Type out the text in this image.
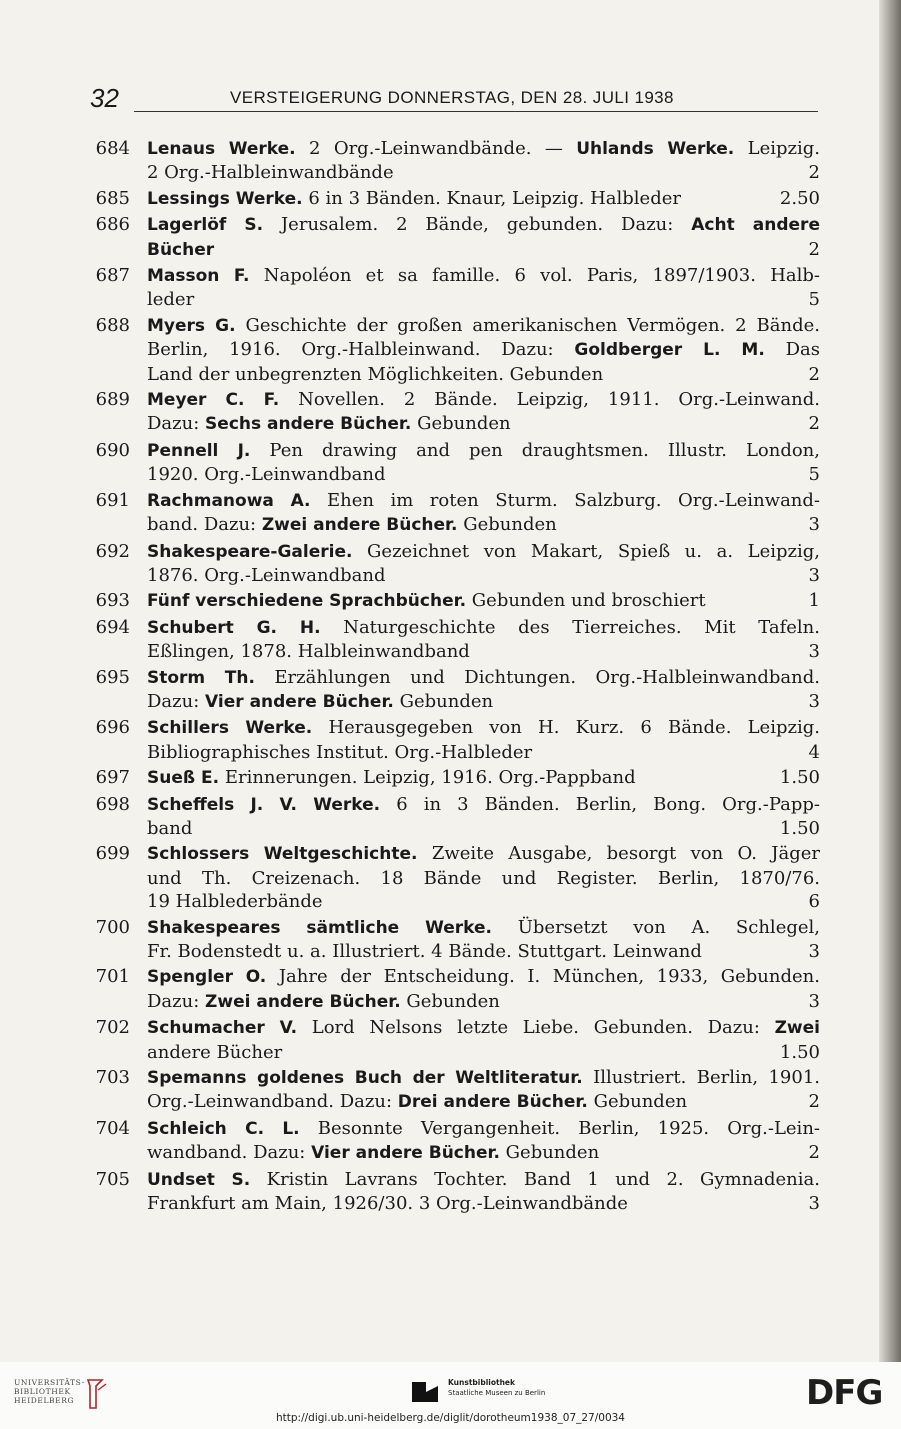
32	VERSTEIGERUNG DONNERSTAG, DEN 28. JULI 1938
684 Lenaus Werke. 2 Org.-Leinwandbände. — Uhlands Werke. Leipzig.
2 Org.-Halbleinwandbände	2
685 Lessings Werke. 6 in 3 Bänden. Knaur, Leipzig. Halbleder	2.50
686 Lagerlöf S. Jerusalem. 2 Bände, gebunden. Dazu: Acht andere
Bücher	2
687 Masson F. Napoléon et sa famille. 6 vol. Paris, 1897/1903. Halb-
leder	5
688 Myers G. Geschichte der großen amerikanischen Vermögen. 2 Bände.
Berlin, 1916. Org.-Halbleinwand. Dazu: Goldberger L. M. Das
Land der unbegrenzten Möglichkeiten. Gebunden	2
689 Meyer C. F. Novellen. 2 Bände. Leipzig, 1911. Org.-Leinwand.
Dazu: Sechs andere Bücher. Gebunden	2
690 Pennell J. Pen drawing and pen draughtsmen. Illustr. London,
1920. Org.-Leinwandband	5
691 Rachmanowa A. Ehen im roten Sturm. Salzburg. Org.-Leinwand-
band. Dazu: Zwei andere Bücher. Gebunden	3
692 Shakespeare-Galerie. Gezeichnet von Makart, Spieß u. a. Leipzig,
1876. Org.-Leinwandband	3
693 Fünf verschiedene Sprachbücher. Gebunden und broschiert	1
694 Schubert G. H. Naturgeschichte des Tierreiches. Mit Tafeln.
Eßlingen, 1878. Halbleinwandband	3
695 Storm Th. Erzählungen und Dichtungen. Org.-Halbleinwandband.
Dazu: Vier andere Bücher. Gebunden	3
696 Schillers Werke. Herausgegeben von H. Kurz. 6 Bände. Leipzig.
Bibliographisches Institut. Org.-Halbleder	4
697 Sueß E. Erinnerungen. Leipzig, 1916. Org.-Pappband	1.50
698 Scheffels J. V. Werke. 6 in 3 Bänden. Berlin, Bong. Org.-Papp-
band	1.50
699 Schlossers Weltgeschichte. Zweite Ausgabe, besorgt von O. Jäger
und Th. Creizenach. 18 Bände und Register. Berlin, 1870/76.
19 Halblederbände	6
700 Shakespeares sämtliche Werke. Übersetzt von A. Schlegel,
Fr. Bodenstedt u. a. Illustriert. 4 Bände. Stuttgart. Leinwand	3
701 Spengler O. Jahre der Entscheidung. I. München, 1933, Gebunden.
Dazu: Zwei andere Bücher. Gebunden	3
702 Schumacher V. Lord Nelsons letzte Liebe. Gebunden. Dazu: Zwei
andere Bücher	1.50
703 Spemanns goldenes Buch der Weltliteratur. Illustriert. Berlin, 1901.
Org.-Leinwandband. Dazu: Drei andere Bücher. Gebunden	2
704 Schleich C. L. Besonnte Vergangenheit. Berlin, 1925. Org.-Lein-
wandband. Dazu: Vier andere Bücher. Gebunden	2
705 Undset S. Kristin Lavrans Tochter. Band 1 und 2. Gymnadenia.
Frankfurt am Main, 1926/30. 3 Org.-Leinwandbände	3
UNIVERSITÄTS-
BIBLIOTHEK
HEIDELBERG
Kunstbibliothek
Staatliche Museen zu Berlin	DFG
http://digi.ub.uni-heidelberg.de/diglit/dorotheum1938_07_27/0034
